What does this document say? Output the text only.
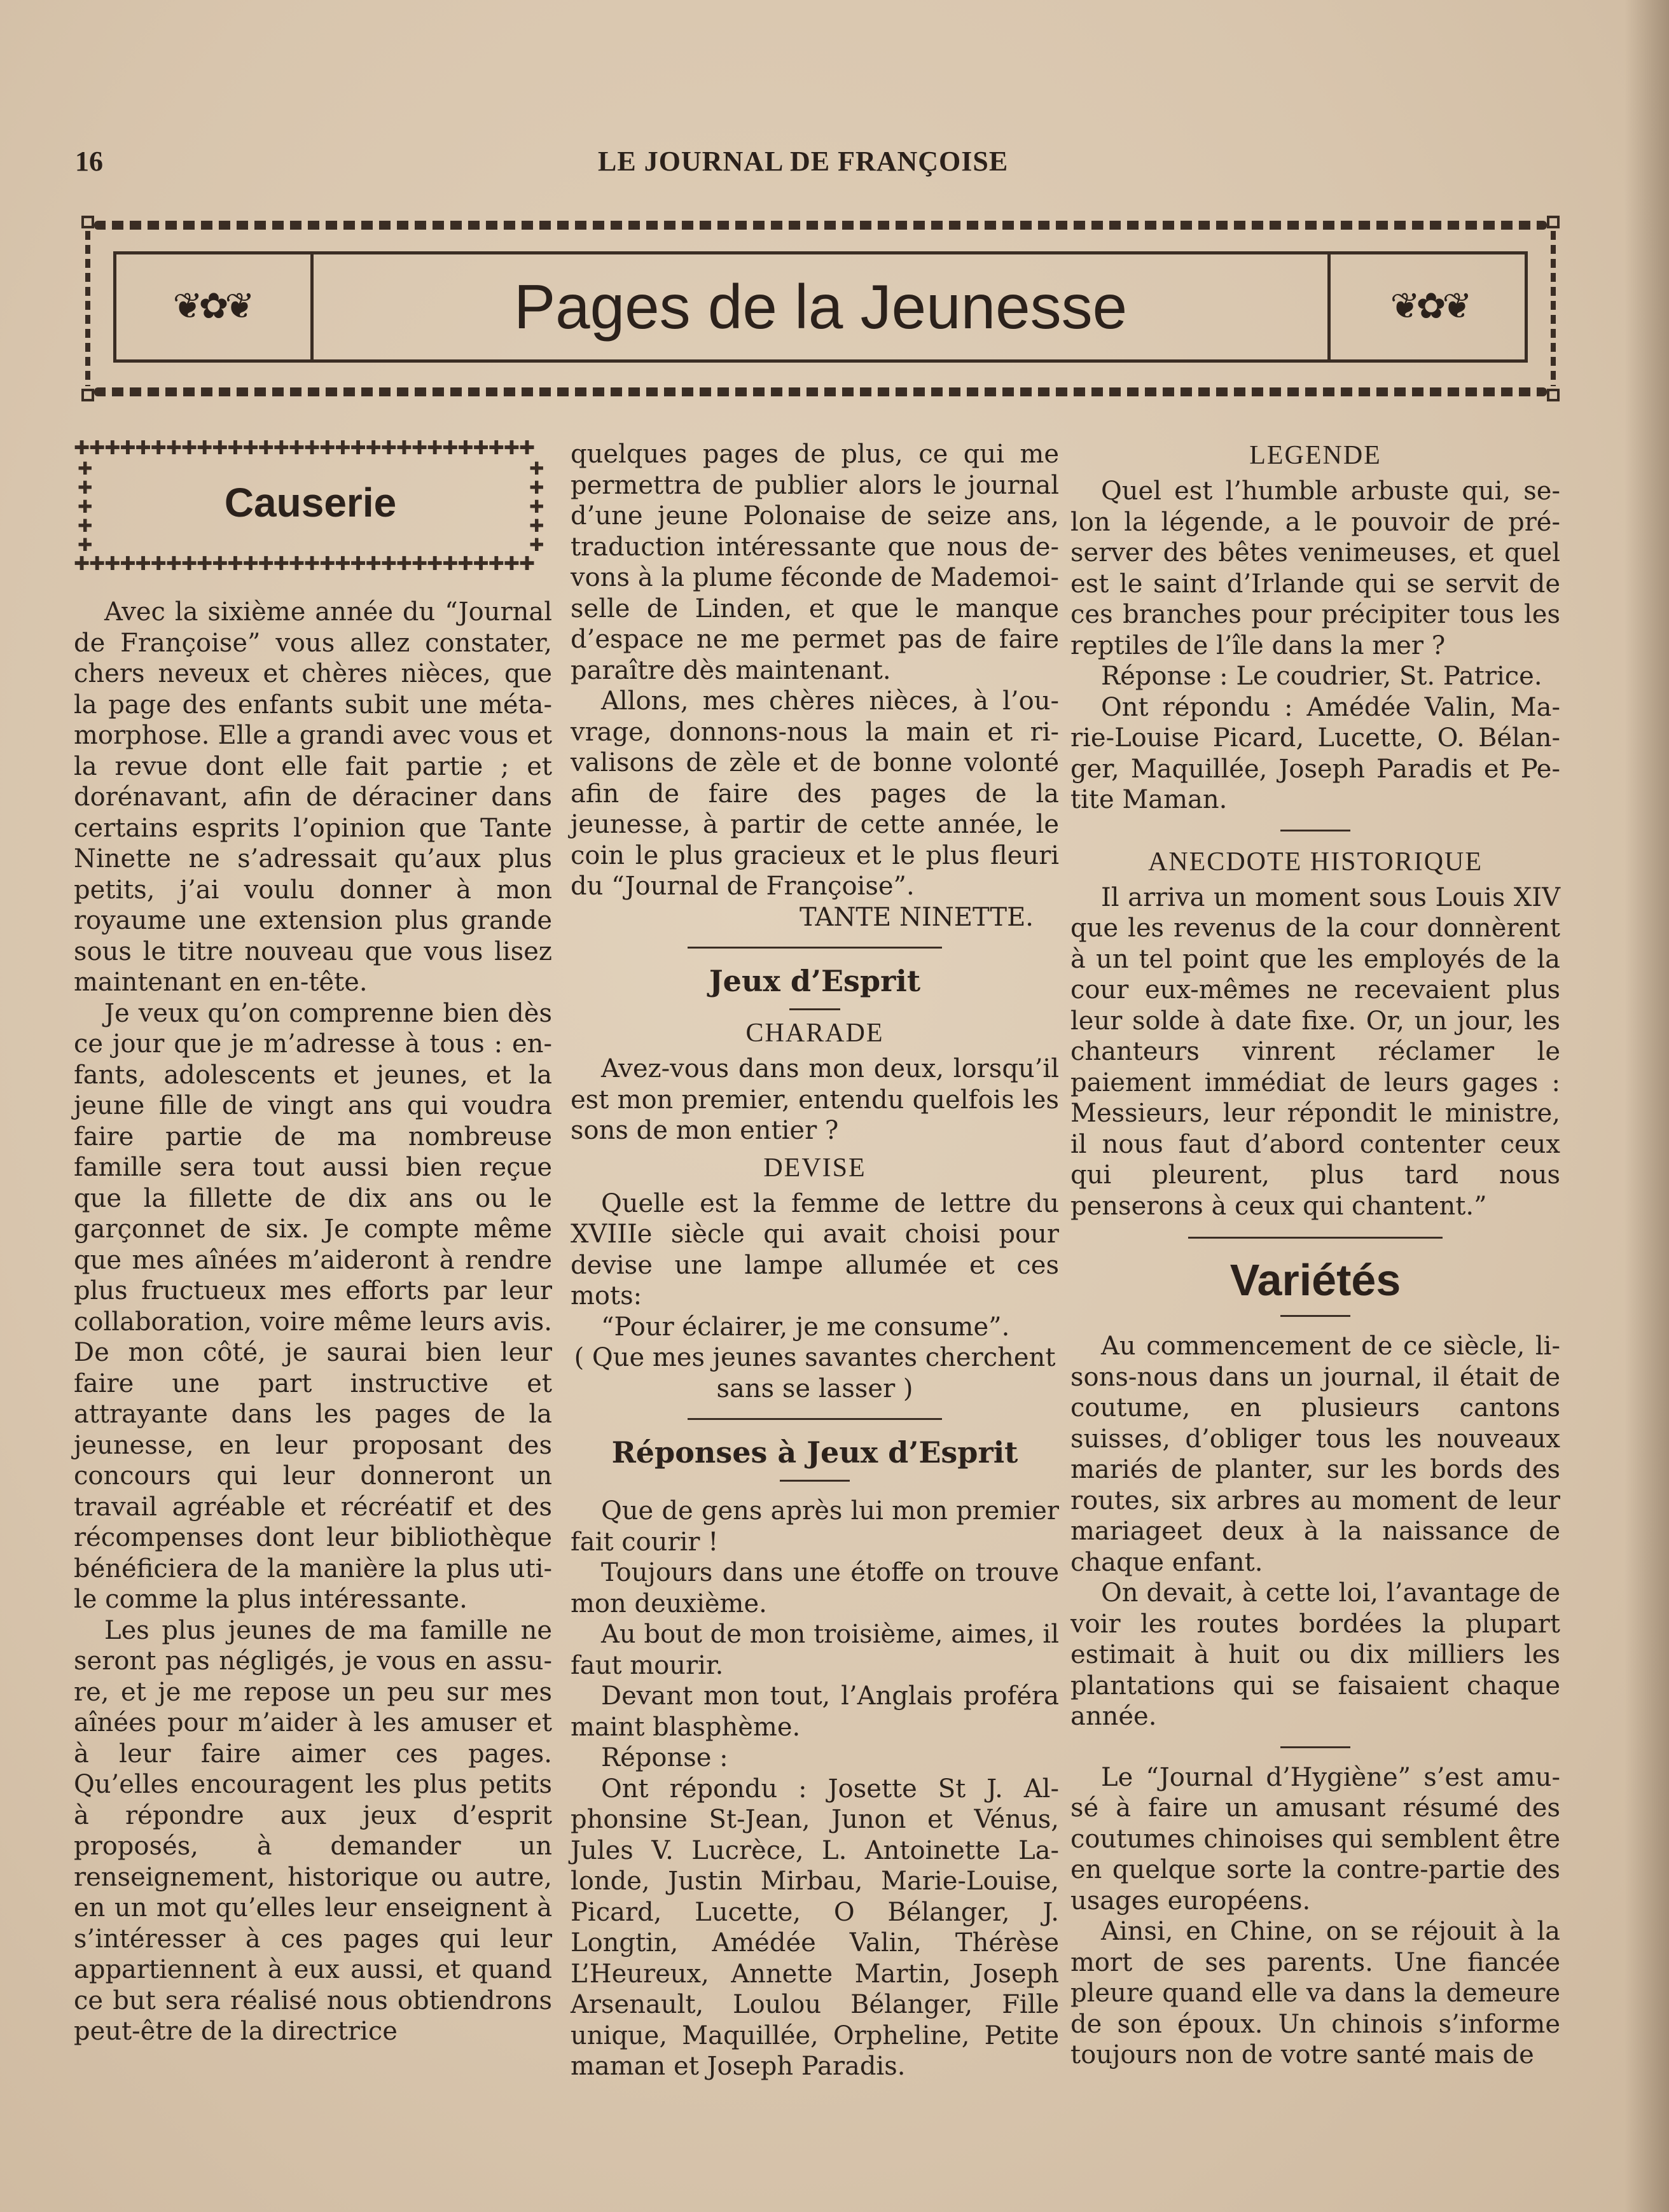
16	LE JOURNAL DE FRANÇOISE
❦✿❦	Pages de la Jeunesse	❦✿❦
✚✚✚✚✚✚✚✚✚✚✚✚✚✚✚✚✚✚✚✚✚✚✚✚✚✚✚✚✚✚
✚
✚
✚
✚
✚
Causerie
✚
✚
✚
✚
✚
✚✚✚✚✚✚✚✚✚✚✚✚✚✚✚✚✚✚✚✚✚✚✚✚✚✚✚✚✚✚

Avec la sixième année du “Journal de Françoise” vous allez constater, chers neveux et chères nièces, que la page des enfants subit une métamorphose. Elle a grandi avec vous et la revue dont elle fait partie ; et dorénavant, afin de déraciner dans certains esprits l’opinion que Tante Ninette ne s’adressait qu’aux plus petits, j’ai voulu donner à mon royaume une extension plus grande sous le titre nouveau que vous lisez maintenant en en-tête.

Je veux qu’on comprenne bien dès ce jour que je m’adresse à tous : enfants, adolescents et jeunes, et la jeune fille de vingt ans qui voudra faire partie de ma nombreuse famille sera tout aussi bien reçue que la fillette de dix ans ou le garçonnet de six. Je compte même que mes aînées m’aideront à rendre plus fructueux mes efforts par leur collaboration, voire même leurs avis. De mon côté, je saurai bien leur faire une part instructive et attrayante dans les pages de la jeunesse, en leur proposant des concours qui leur donneront un travail agréable et récréatif et des récompenses dont leur bibliothèque bénéficiera de la manière la plus utile comme la plus intéressante.

Les plus jeunes de ma famille ne seront pas négligés, je vous en assure, et je me repose un peu sur mes aînées pour m’aider à les amuser et à leur faire aimer ces pages. Qu’elles encouragent les plus petits à répondre aux jeux d’esprit proposés, à demander un renseignement, historique ou autre, en un mot qu’elles leur enseignent à s’intéresser à ces pages qui leur appartiennent à eux aussi, et quand ce but sera réalisé nous obtiendrons peut-être de la directrice

quelques pages de plus, ce qui me permettra de publier alors le journal d’une jeune Polonaise de seize ans, traduction intéressante que nous devons à la plume féconde de Mademoiselle de Linden, et que le manque d’espace ne me permet pas de faire paraître dès maintenant.

Allons, mes chères nièces, à l’ouvrage, donnons-nous la main et rivalisons de zèle et de bonne volonté afin de faire des pages de la jeunesse, à partir de cette année, le coin le plus gracieux et le plus fleuri du “Journal de Françoise”.

TANTE NINETTE.

Jeux d’Esprit
CHARADE

Avez-vous dans mon deux, lorsqu’il est mon premier, entendu quelfois les sons de mon entier ?

DEVISE

Quelle est la femme de lettre du XVIIIe siècle qui avait choisi pour devise une lampe allumée et ces mots:

“Pour éclairer, je me consume”.

( Que mes jeunes savantes cherchent sans se lasser )

Réponses à Jeux d’Esprit

Que de gens après lui mon premier fait courir !

Toujours dans une étoffe on trouve mon deuxième.

Au bout de mon troisième, aimes, il faut mourir.

Devant mon tout, l’Anglais proféra maint blasphème.

Réponse :

Ont répondu : Josette St J. Alphonsine St-Jean, Junon et Vénus, Jules V. Lucrèce, L. Antoinette Lalonde, Justin Mirbau, Marie-Louise, Picard, Lucette, O Bélanger, J. Longtin, Amédée Valin, Thérèse L’Heureux, Annette Martin, Joseph Arsenault, Loulou Bélanger, Fille unique, Maquillée, Orpheline, Petite maman et Joseph Paradis.

LEGENDE

Quel est l’humble arbuste qui, selon la légende, a le pouvoir de préserver des bêtes venimeuses, et quel est le saint d’Irlande qui se servit de ces branches pour précipiter tous les reptiles de l’île dans la mer ?

Réponse : Le coudrier, St. Patrice.

Ont répondu : Amédée Valin, Marie-Louise Picard, Lucette, O. Bélanger, Maquillée, Joseph Paradis et Petite Maman.

ANECDOTE HISTORIQUE

Il arriva un moment sous Louis XIV que les revenus de la cour donnèrent à un tel point que les employés de la cour eux-mêmes ne recevaient plus leur solde à date fixe. Or, un jour, les chanteurs vinrent réclamer le paiement immédiat de leurs gages : Messieurs, leur répondit le ministre, il nous faut d’abord contenter ceux qui pleurent, plus tard nous penserons à ceux qui chantent.”

Variétés

Au commencement de ce siècle, lisons-nous dans un journal, il était de coutume, en plusieurs cantons suisses, d’obliger tous les nouveaux mariés de planter, sur les bords des routes, six arbres au moment de leur mariageet deux à la naissance de chaque enfant.

On devait, à cette loi, l’avantage de voir les routes bordées la plupart estimait à huit ou dix milliers les plantations qui se faisaient chaque année.

Le “Journal d’Hygiène” s’est amusé à faire un amusant résumé des coutumes chinoises qui semblent être en quelque sorte la contre-partie des usages européens.

Ainsi, en Chine, on se réjouit à la mort de ses parents. Une fiancée pleure quand elle va dans la demeure de son époux. Un chinois s’informe toujours non de votre santé mais de
